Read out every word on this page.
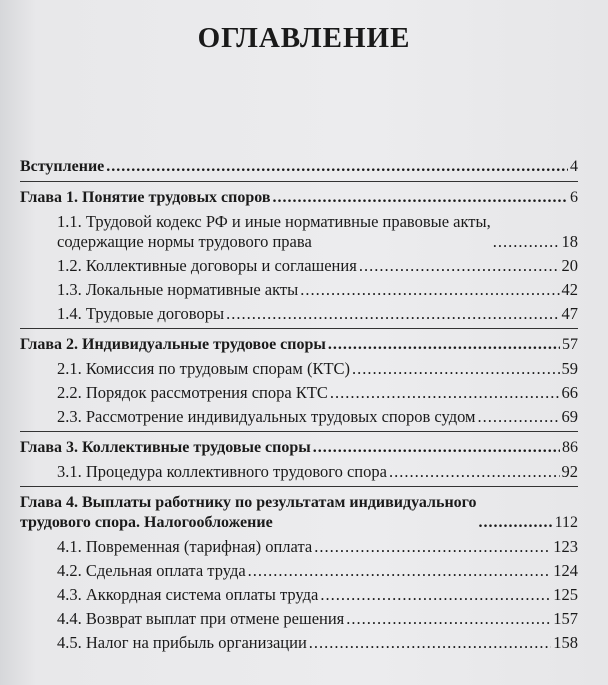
ОГЛАВЛЕНИЕ
Вступление .....	4
Глава 1. Понятие трудовых споров .....	6
1.1. Трудовой кодекс РФ и иные нормативные правовые акты, содержащие нормы трудового права .....	18
1.2. Коллективные договоры и соглашения .....	20
1.3. Локальные нормативные акты .....	42
1.4. Трудовые договоры .....	47
Глава 2. Индивидуальные трудовое споры .....	57
2.1. Комиссия по трудовым спорам (КТС) .....	59
2.2. Порядок рассмотрения спора КТС .....	66
2.3. Рассмотрение индивидуальных трудовых споров судом .....	69
Глава 3. Коллективные трудовые споры .....	86
3.1. Процедура коллективного трудового спора .....	92
Глава 4. Выплаты работнику по результатам индивидуального трудового спора. Налогообложение .....	112
4.1. Повременная (тарифная) оплата .....	123
4.2. Сдельная оплата труда .....	124
4.3. Аккордная система оплаты труда .....	125
4.4. Возврат выплат при отмене решения .....	157
4.5. Налог на прибыль организации .....	158
